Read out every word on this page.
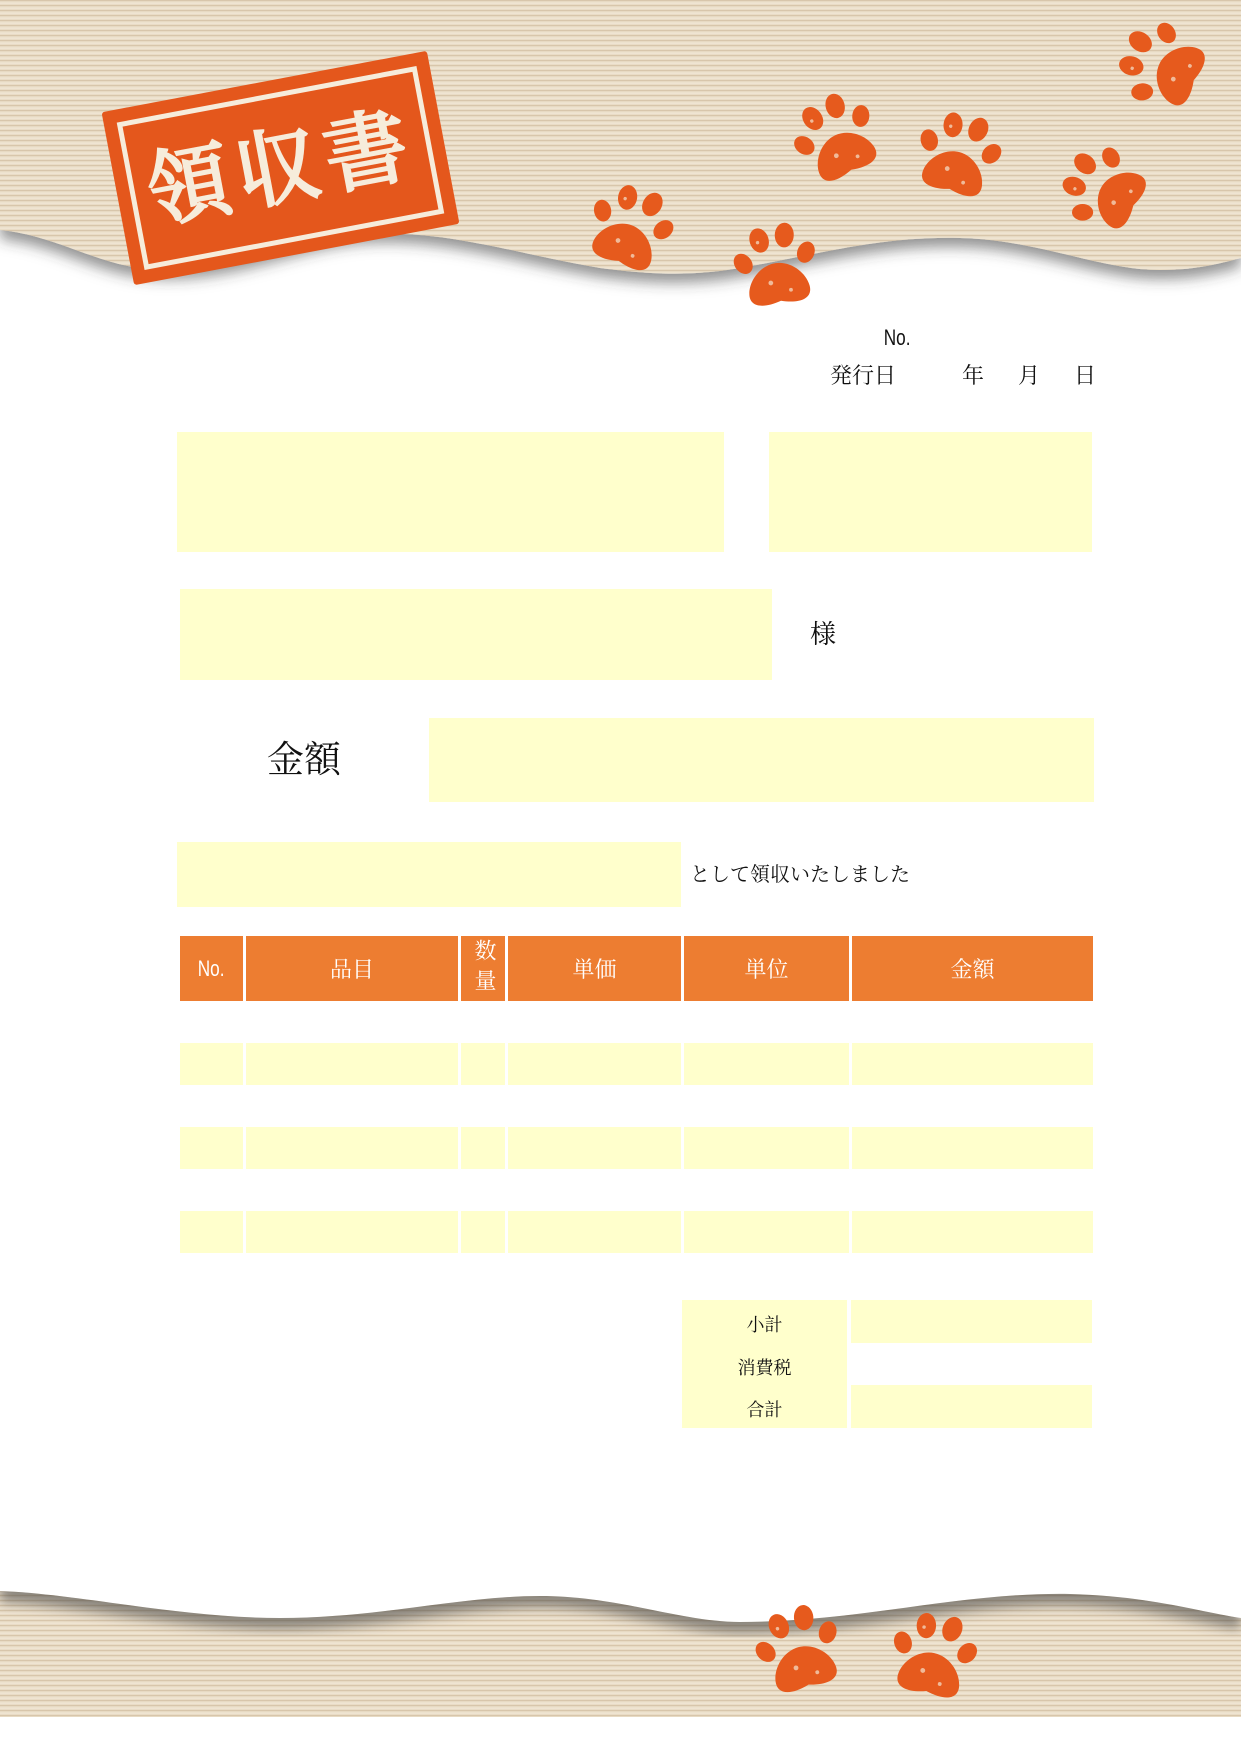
領収書
No.
発行日	年 月 日
様
金額
として領収いたしました
No.	品目	数量	単価	単位	金額
小計
消費税
合計
